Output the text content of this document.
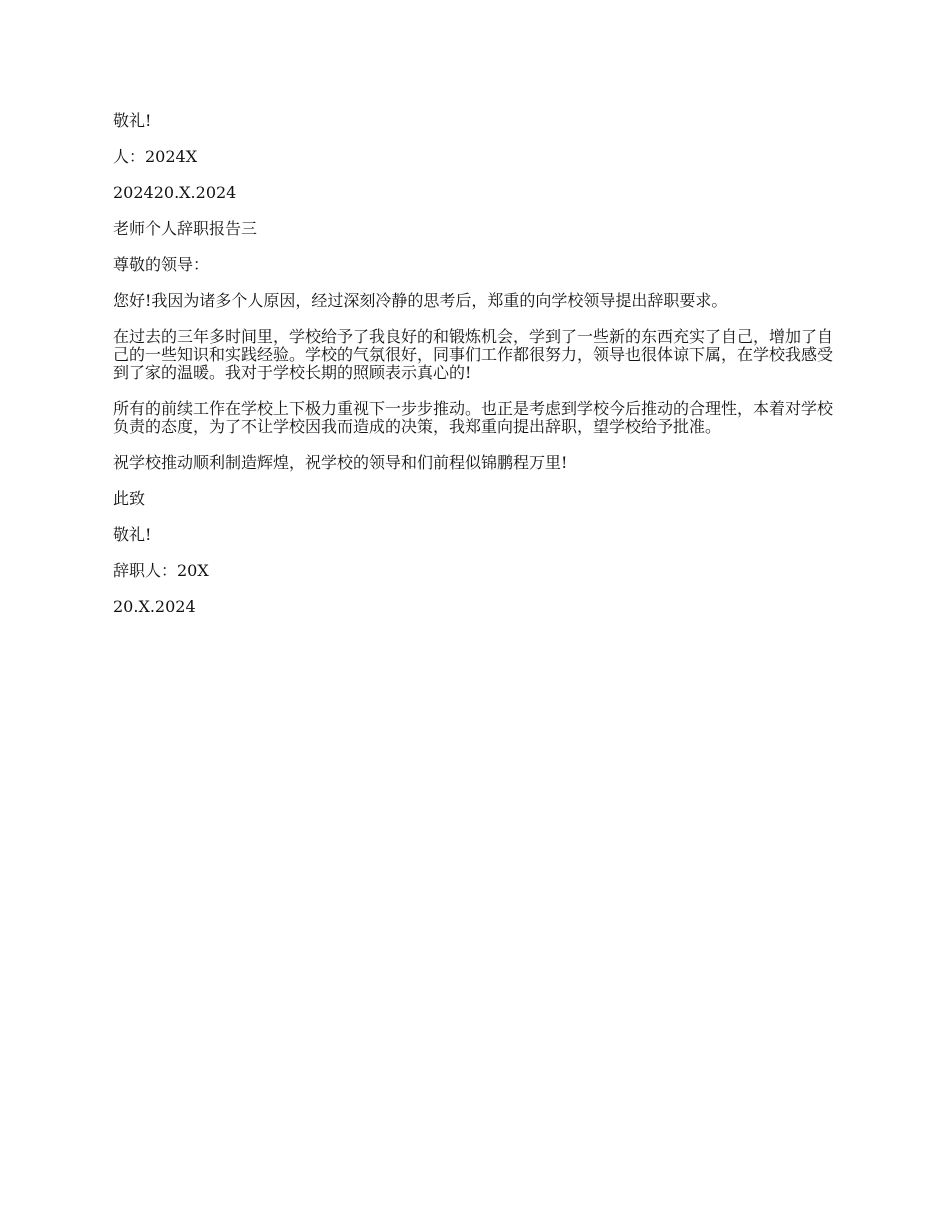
敬礼!

人：2024X

202420.X.2024

老师个人辞职报告三

尊敬的领导：

您好!我因为诸多个人原因，经过深刻冷静的思考后，郑重的向学校领导提出辞职要求。

在过去的三年多时间里，学校给予了我良好的和锻炼机会，学到了一些新的东西充实了自己，增加了自己的一些知识和实践经验。学校的气氛很好，同事们工作都很努力，领导也很体谅下属，在学校我感受到了家的温暖。我对于学校长期的照顾表示真心的!

所有的前续工作在学校上下极力重视下一步步推动。也正是考虑到学校今后推动的合理性，本着对学校负责的态度，为了不让学校因我而造成的决策，我郑重向提出辞职，望学校给予批准。

祝学校推动顺利制造辉煌，祝学校的领导和们前程似锦鹏程万里!

此致

敬礼!

辞职人：20X

20.X.2024
